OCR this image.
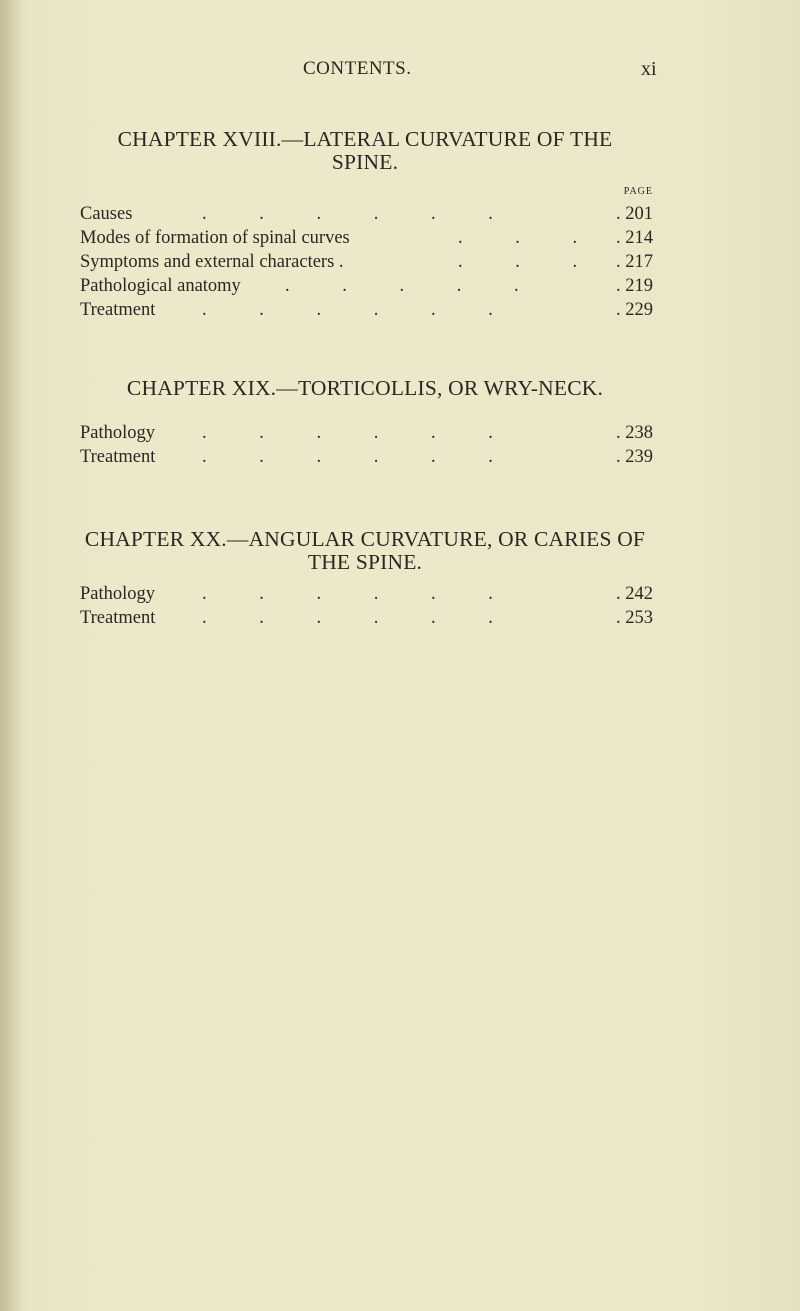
CONTENTS.	xi
CHAPTER XVIII.—LATERAL CURVATURE OF THE
SPINE.
PAGE
Causes	. . . . . .	. 201
Modes of formation of spinal curves	. . .	. 214
Symptoms and external characters .	. . .	. 217
Pathological anatomy . . . . .	. 219
Treatment	. . . . . .	. 229
CHAPTER XIX.—TORTICOLLIS, OR WRY-NECK.
Pathology	. . . . . .	. 238
Treatment	. . . . . .	. 239
CHAPTER XX.—ANGULAR CURVATURE, OR CARIES OF
THE SPINE.
Pathology	. . . . . .	. 242
Treatment	. . . . . .	. 253
